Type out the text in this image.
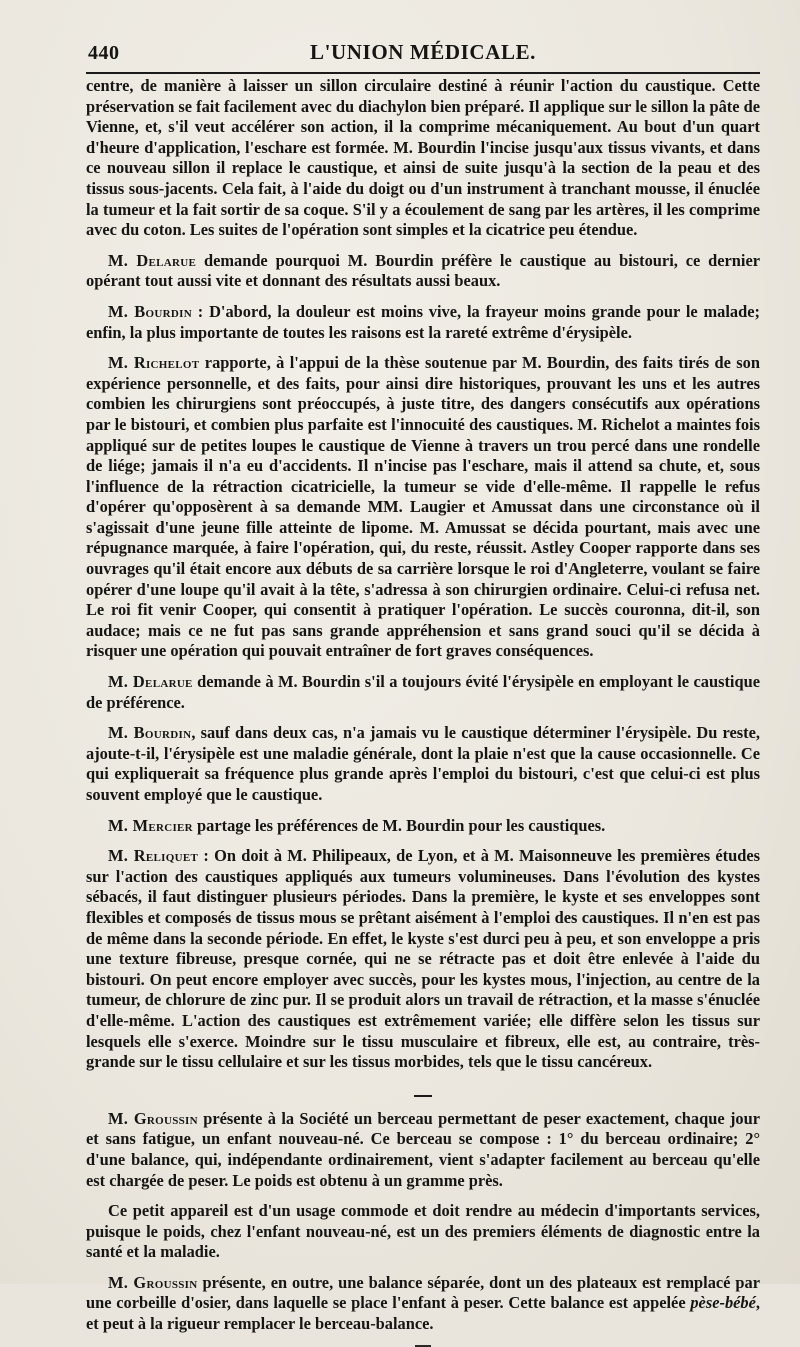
440	L'UNION MÉDICALE.

centre, de manière à laisser un sillon circulaire destiné à réunir l'action du caustique. Cette préservation se fait facilement avec du diachylon bien préparé. Il applique sur le sillon la pâte de Vienne, et, s'il veut accélérer son action, il la comprime mécaniquement. Au bout d'un quart d'heure d'application, l'eschare est formée. M. Bourdin l'incise jusqu'aux tissus vivants, et dans ce nouveau sillon il replace le caustique, et ainsi de suite jusqu'à la section de la peau et des tissus sous-jacents. Cela fait, à l'aide du doigt ou d'un instrument à tranchant mousse, il énuclée la tumeur et la fait sortir de sa coque. S'il y a écoulement de sang par les artères, il les comprime avec du coton. Les suites de l'opération sont simples et la cicatrice peu étendue.

M. Delarue demande pourquoi M. Bourdin préfère le caustique au bistouri, ce dernier opérant tout aussi vite et donnant des résultats aussi beaux.

M. Bourdin : D'abord, la douleur est moins vive, la frayeur moins grande pour le malade; enfin, la plus importante de toutes les raisons est la rareté extrême d'érysipèle.

M. Richelot rapporte, à l'appui de la thèse soutenue par M. Bourdin, des faits tirés de son expérience personnelle, et des faits, pour ainsi dire historiques, prouvant les uns et les autres combien les chirurgiens sont préoccupés, à juste titre, des dangers consécutifs aux opérations par le bistouri, et combien plus parfaite est l'innocuité des caustiques. M. Richelot a maintes fois appliqué sur de petites loupes le caustique de Vienne à travers un trou percé dans une rondelle de liége; jamais il n'a eu d'accidents. Il n'incise pas l'eschare, mais il attend sa chute, et, sous l'influence de la rétraction cicatricielle, la tumeur se vide d'elle-même. Il rappelle le refus d'opérer qu'opposèrent à sa demande MM. Laugier et Amussat dans une circonstance où il s'agissait d'une jeune fille atteinte de lipome. M. Amussat se décida pourtant, mais avec une répugnance marquée, à faire l'opération, qui, du reste, réussit. Astley Cooper rapporte dans ses ouvrages qu'il était encore aux débuts de sa carrière lorsque le roi d'Angleterre, voulant se faire opérer d'une loupe qu'il avait à la tête, s'adressa à son chirurgien ordinaire. Celui-ci refusa net. Le roi fit venir Cooper, qui consentit à pratiquer l'opération. Le succès couronna, dit-il, son audace; mais ce ne fut pas sans grande appréhension et sans grand souci qu'il se décida à risquer une opération qui pouvait entraîner de fort graves conséquences.

M. Delarue demande à M. Bourdin s'il a toujours évité l'érysipèle en employant le caustique de préférence.

M. Bourdin, sauf dans deux cas, n'a jamais vu le caustique déterminer l'érysipèle. Du reste, ajoute-t-il, l'érysipèle est une maladie générale, dont la plaie n'est que la cause occasionnelle. Ce qui expliquerait sa fréquence plus grande après l'emploi du bistouri, c'est que celui-ci est plus souvent employé que le caustique.

M. Mercier partage les préférences de M. Bourdin pour les caustiques.

M. Reliquet : On doit à M. Philipeaux, de Lyon, et à M. Maisonneuve les premières études sur l'action des caustiques appliqués aux tumeurs volumineuses. Dans l'évolution des kystes sébacés, il faut distinguer plusieurs périodes. Dans la première, le kyste et ses enveloppes sont flexibles et composés de tissus mous se prêtant aisément à l'emploi des caustiques. Il n'en est pas de même dans la seconde période. En effet, le kyste s'est durci peu à peu, et son enveloppe a pris une texture fibreuse, presque cornée, qui ne se rétracte pas et doit être enlevée à l'aide du bistouri. On peut encore employer avec succès, pour les kystes mous, l'injection, au centre de la tumeur, de chlorure de zinc pur. Il se produit alors un travail de rétraction, et la masse s'énuclée d'elle-même. L'action des caustiques est extrêmement variée; elle diffère selon les tissus sur lesquels elle s'exerce. Moindre sur le tissu musculaire et fibreux, elle est, au contraire, très-grande sur le tissu cellulaire et sur les tissus morbides, tels que le tissu cancéreux.

M. Groussin présente à la Société un berceau permettant de peser exactement, chaque jour et sans fatigue, un enfant nouveau-né. Ce berceau se compose : 1° du berceau ordinaire; 2° d'une balance, qui, indépendante ordinairement, vient s'adapter facilement au berceau qu'elle est chargée de peser. Le poids est obtenu à un gramme près.

Ce petit appareil est d'un usage commode et doit rendre au médecin d'importants services, puisque le poids, chez l'enfant nouveau-né, est un des premiers éléments de diagnostic entre la santé et la maladie.

M. Groussin présente, en outre, une balance séparée, dont un des plateaux est remplacé par une corbeille d'osier, dans laquelle se place l'enfant à peser. Cette balance est appelée pèse-bébé, et peut à la rigueur remplacer le berceau-balance.
